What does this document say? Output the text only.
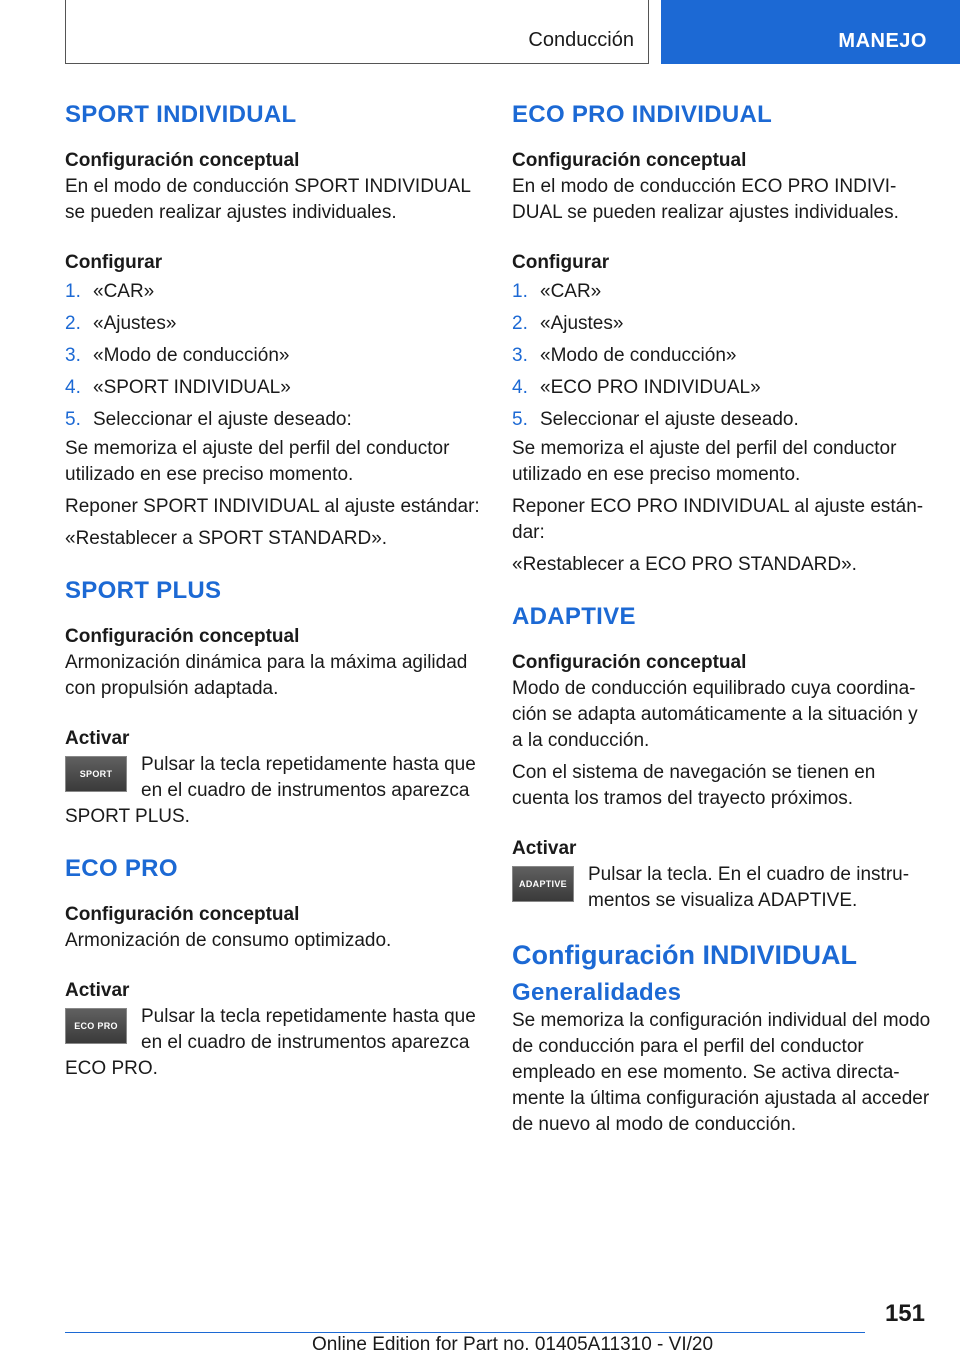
Conducción	MANEJO
SPORT INDIVIDUAL
Configuración conceptual

En el modo de conducción SPORT INDIVIDUAL se pueden realizar ajustes individuales.

Configurar
1. «CAR»
2. «Ajustes»
3. «Modo de conducción»
4. «SPORT INDIVIDUAL»
5. Seleccionar el ajuste deseado:

Se memoriza el ajuste del perfil del conductor utilizado en ese preciso momento.

Reponer SPORT INDIVIDUAL al ajuste estándar:

«Restablecer a SPORT STANDARD».

SPORT PLUS
Configuración conceptual

Armonización dinámica para la máxima agilidad con propulsión adaptada.

Activar
SPORT	Pulsar la tecla repetidamente hasta que en el cuadro de instrumentos aparezca SPORT PLUS.

ECO PRO
Configuración conceptual

Armonización de consumo optimizado.

Activar
ECO PRO	Pulsar la tecla repetidamente hasta que en el cuadro de instrumentos aparezca ECO PRO.

ECO PRO INDIVIDUAL
Configuración conceptual

En el modo de conducción ECO PRO INDIVI‐DUAL se pueden realizar ajustes individuales.

Configurar
1. «CAR»
2. «Ajustes»
3. «Modo de conducción»
4. «ECO PRO INDIVIDUAL»
5. Seleccionar el ajuste deseado.

Se memoriza el ajuste del perfil del conductor utilizado en ese preciso momento.

Reponer ECO PRO INDIVIDUAL al ajuste están‐dar:

«Restablecer a ECO PRO STANDARD».

ADAPTIVE
Configuración conceptual

Modo de conducción equilibrado cuya coordina‐ción se adapta automáticamente a la situación y a la conducción.

Con el sistema de navegación se tienen en cuenta los tramos del trayecto próximos.

Activar
ADAPTIVE	Pulsar la tecla. En el cuadro de instru‐mentos se visualiza ADAPTIVE.

Configuración INDIVIDUAL
Generalidades

Se memoriza la configuración individual del modo de conducción para el perfil del conductor empleado en ese momento. Se activa directa‐mente la última configuración ajustada al acceder de nuevo al modo de conducción.

151
Online Edition for Part no. 01405A11310 - VI/20
